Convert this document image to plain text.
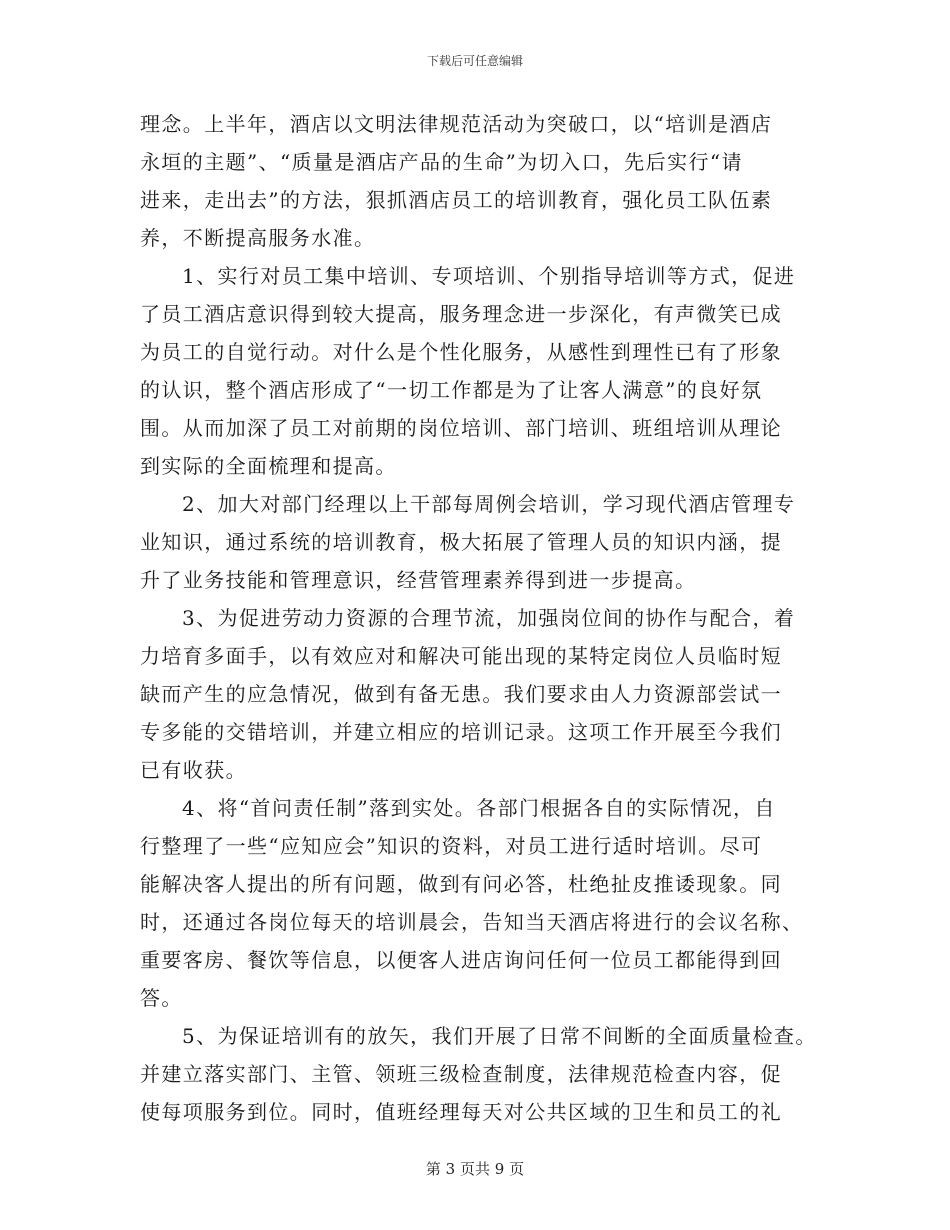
下载后可任意编辑
理念。上半年，酒店以文明法律规范活动为突破口，以“培训是酒店
永垣的主题”、“质量是酒店产品的生命”为切入口，先后实行“请
进来，走出去”的方法，狠抓酒店员工的培训教育，强化员工队伍素
养，不断提高服务水准。
1、实行对员工集中培训、专项培训、个别指导培训等方式，促进
了员工酒店意识得到较大提高，服务理念进一步深化，有声微笑已成
为员工的自觉行动。对什么是个性化服务，从感性到理性已有了形象
的认识，整个酒店形成了“一切工作都是为了让客人满意”的良好氛
围。从而加深了员工对前期的岗位培训、部门培训、班组培训从理论
到实际的全面梳理和提高。
2、加大对部门经理以上干部每周例会培训，学习现代酒店管理专
业知识，通过系统的培训教育，极大拓展了管理人员的知识内涵，提
升了业务技能和管理意识，经营管理素养得到进一步提高。
3、为促进劳动力资源的合理节流，加强岗位间的协作与配合，着
力培育多面手，以有效应对和解决可能出现的某特定岗位人员临时短
缺而产生的应急情况，做到有备无患。我们要求由人力资源部尝试一
专多能的交错培训，并建立相应的培训记录。这项工作开展至今我们
已有收获。
4、将“首问责任制”落到实处。各部门根据各自的实际情况，自
行整理了一些“应知应会”知识的资料，对员工进行适时培训。尽可
能解决客人提出的所有问题，做到有问必答，杜绝扯皮推诿现象。同
时，还通过各岗位每天的培训晨会，告知当天酒店将进行的会议名称、
重要客房、餐饮等信息，以便客人进店询问任何一位员工都能得到回
答。
5、为保证培训有的放矢，我们开展了日常不间断的全面质量检查。
并建立落实部门、主管、领班三级检查制度，法律规范检查内容，促
使每项服务到位。同时，值班经理每天对公共区域的卫生和员工的礼
第 3 页共 9 页
